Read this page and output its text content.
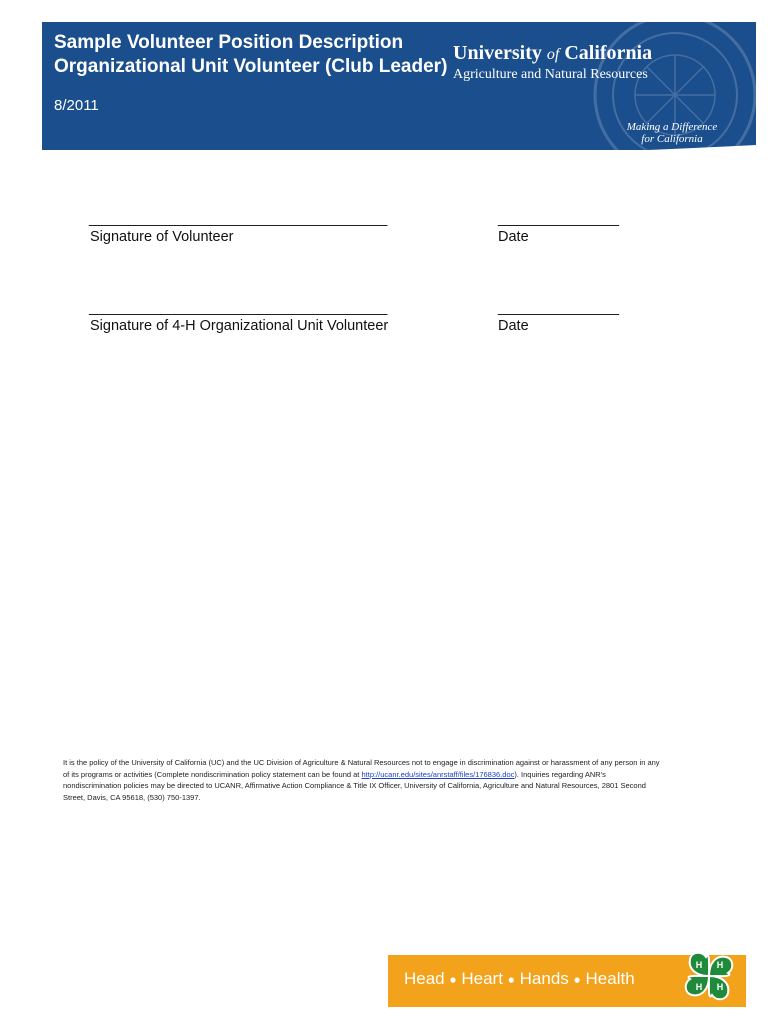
Sample Volunteer Position Description
Organizational Unit Volunteer (Club Leader)
8/2011
University of California
Agriculture and Natural Resources
Making a Difference
for California
_____________________________________	_______________
Signature of Volunteer	Date
_____________________________________	_______________
Signature of 4-H Organizational Unit Volunteer	Date
It is the policy of the University of California (UC) and the UC Division of Agriculture & Natural Resources not to engage in discrimination against or harassment of any person in any of its programs or activities (Complete nondiscrimination policy statement can be found at http://ucanr.edu/sites/anrstaff/files/176836.doc). Inquiries regarding ANR's nondiscrimination policies may be directed to UCANR, Affirmative Action Compliance & Title IX Officer, University of California, Agriculture and Natural Resources, 2801 Second Street, Davis, CA 95618, (530) 750-1397.
Head ● Heart ● Hands ● Health
H H
H
H
